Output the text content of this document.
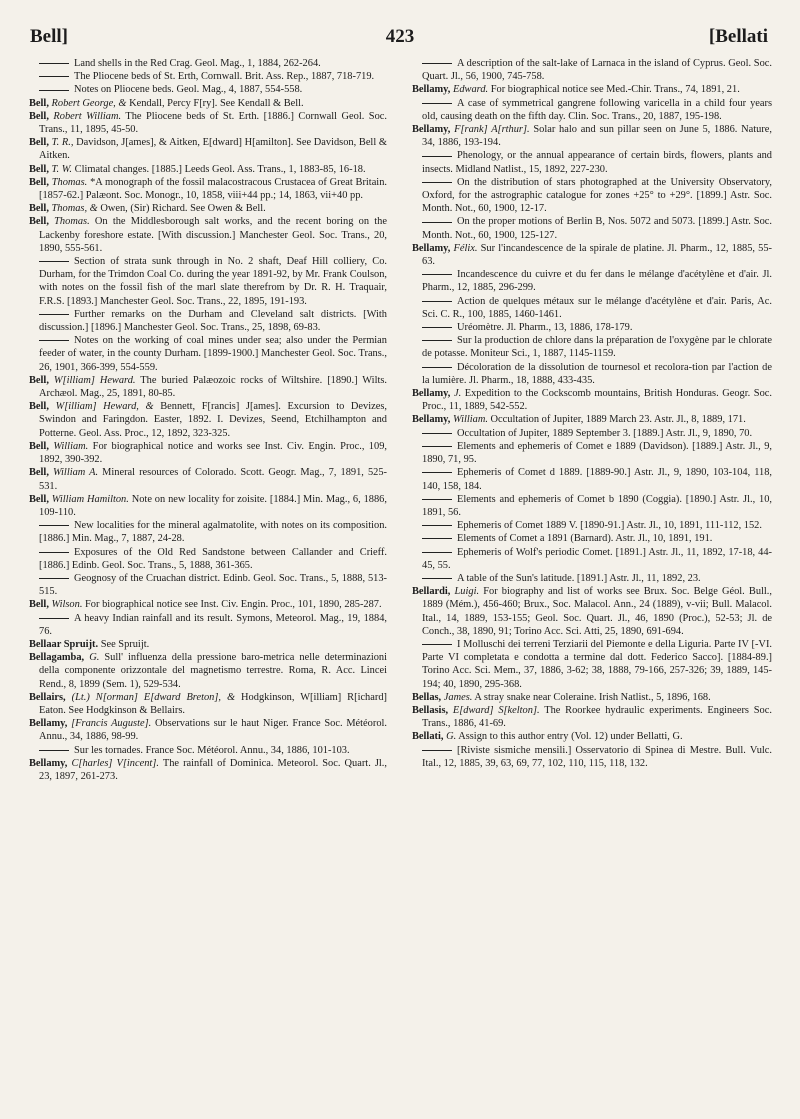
Bell]	423	[Bellati

Land shells in the Red Crag. Geol. Mag., 1, 1884, 262-264.

The Pliocene beds of St. Erth, Cornwall. Brit. Ass. Rep., 1887, 718-719.

Notes on Pliocene beds. Geol. Mag., 4, 1887, 554-558.

Bell, Robert George, & Kendall, Percy F[ry]. See Kendall & Bell.

Bell, Robert William. The Pliocene beds of St. Erth. [1886.] Cornwall Geol. Soc. Trans., 11, 1895, 45-50.

Bell, T. R., Davidson, J[ames], & Aitken, E[dward] H[amilton]. See Davidson, Bell & Aitken.

Bell, T. W. Climatal changes. [1885.] Leeds Geol. Ass. Trans., 1, 1883-85, 16-18.

Bell, Thomas. *A monograph of the fossil malacostracous Crustacea of Great Britain. [1857-62.] Palæont. Soc. Monogr., 10, 1858, viii+44 pp.; 14, 1863, vii+40 pp.

Bell, Thomas, & Owen, (Sir) Richard. See Owen & Bell.

Bell, Thomas. On the Middlesborough salt works, and the recent boring on the Lackenby foreshore estate. [With discussion.] Manchester Geol. Soc. Trans., 20, 1890, 555-561.

Section of strata sunk through in No. 2 shaft, Deaf Hill colliery, Co. Durham, for the Trimdon Coal Co. during the year 1891-92, by Mr. Frank Coulson, with notes on the fossil fish of the marl slate therefrom by Dr. R. H. Traquair, F.R.S. [1893.] Manchester Geol. Soc. Trans., 22, 1895, 191-193.

Further remarks on the Durham and Cleveland salt districts. [With discussion.] [1896.] Manchester Geol. Soc. Trans., 25, 1898, 69-83.

Notes on the working of coal mines under sea; also under the Permian feeder of water, in the county Durham. [1899-1900.] Manchester Geol. Soc. Trans., 26, 1901, 366-399, 554-559.

Bell, W[illiam] Heward. The buried Palæozoic rocks of Wiltshire. [1890.] Wilts. Archæol. Mag., 25, 1891, 80-85.

Bell, W[illiam] Heward, & Bennett, F[rancis] J[ames]. Excursion to Devizes, Swindon and Faringdon. Easter, 1892. I. Devizes, Seend, Etchilhampton and Potterne. Geol. Ass. Proc., 12, 1892, 323-325.

Bell, William. For biographical notice and works see Inst. Civ. Engin. Proc., 109, 1892, 390-392.

Bell, William A. Mineral resources of Colorado. Scott. Geogr. Mag., 7, 1891, 525-531.

Bell, William Hamilton. Note on new locality for zoisite. [1884.] Min. Mag., 6, 1886, 109-110.

New localities for the mineral agalmatolite, with notes on its composition. [1886.] Min. Mag., 7, 1887, 24-28.

Exposures of the Old Red Sandstone between Callander and Crieff. [1886.] Edinb. Geol. Soc. Trans., 5, 1888, 361-365.

Geognosy of the Cruachan district. Edinb. Geol. Soc. Trans., 5, 1888, 513-515.

Bell, Wilson. For biographical notice see Inst. Civ. Engin. Proc., 101, 1890, 285-287.

A heavy Indian rainfall and its result. Symons, Meteorol. Mag., 19, 1884, 76.

Bellaar Spruijt. See Spruijt.

Bellagamba, G. Sull' influenza della pressione baro-metrica nelle determinazioni della componente orizzontale del magnetismo terrestre. Roma, R. Acc. Lincei Rend., 8, 1899 (Sem. 1), 529-534.

Bellairs, (Lt.) N[orman] E[dward Breton], & Hodgkinson, W[illiam] R[ichard] Eaton. See Hodgkinson & Bellairs.

Bellamy, [Francis Auguste]. Observations sur le haut Niger. France Soc. Météorol. Annu., 34, 1886, 98-99.

Sur les tornades. France Soc. Météorol. Annu., 34, 1886, 101-103.

Bellamy, C[harles] V[incent]. The rainfall of Dominica. Meteorol. Soc. Quart. Jl., 23, 1897, 261-273.

A description of the salt-lake of Larnaca in the island of Cyprus. Geol. Soc. Quart. Jl., 56, 1900, 745-758.

Bellamy, Edward. For biographical notice see Med.-Chir. Trans., 74, 1891, 21.

A case of symmetrical gangrene following varicella in a child four years old, causing death on the fifth day. Clin. Soc. Trans., 20, 1887, 195-198.

Bellamy, F[rank] A[rthur]. Solar halo and sun pillar seen on June 5, 1886. Nature, 34, 1886, 193-194.

Phenology, or the annual appearance of certain birds, flowers, plants and insects. Midland Natlist., 15, 1892, 227-230.

On the distribution of stars photographed at the University Observatory, Oxford, for the astrographic catalogue for zones +25° to +29°. [1899.] Astr. Soc. Month. Not., 60, 1900, 12-17.

On the proper motions of Berlin B, Nos. 5072 and 5073. [1899.] Astr. Soc. Month. Not., 60, 1900, 125-127.

Bellamy, Félix. Sur l'incandescence de la spirale de platine. Jl. Pharm., 12, 1885, 55-63.

Incandescence du cuivre et du fer dans le mélange d'acétylène et d'air. Jl. Pharm., 12, 1885, 296-299.

Action de quelques métaux sur le mélange d'acétylène et d'air. Paris, Ac. Sci. C. R., 100, 1885, 1460-1461.

Uréomètre. Jl. Pharm., 13, 1886, 178-179.

Sur la production de chlore dans la préparation de l'oxygène par le chlorate de potasse. Moniteur Sci., 1, 1887, 1145-1159.

Décoloration de la dissolution de tournesol et recolora-tion par l'action de la lumière. Jl. Pharm., 18, 1888, 433-435.

Bellamy, J. Expedition to the Cockscomb mountains, British Honduras. Geogr. Soc. Proc., 11, 1889, 542-552.

Bellamy, William. Occultation of Jupiter, 1889 March 23. Astr. Jl., 8, 1889, 171.

Occultation of Jupiter, 1889 September 3. [1889.] Astr. Jl., 9, 1890, 70.

Elements and ephemeris of Comet e 1889 (Davidson). [1889.] Astr. Jl., 9, 1890, 71, 95.

Ephemeris of Comet d 1889. [1889-90.] Astr. Jl., 9, 1890, 103-104, 118, 140, 158, 184.

Elements and ephemeris of Comet b 1890 (Coggia). [1890.] Astr. Jl., 10, 1891, 56.

Ephemeris of Comet 1889 V. [1890-91.] Astr. Jl., 10, 1891, 111-112, 152.

Elements of Comet a 1891 (Barnard). Astr. Jl., 10, 1891, 191.

Ephemeris of Wolf's periodic Comet. [1891.] Astr. Jl., 11, 1892, 17-18, 44-45, 55.

A table of the Sun's latitude. [1891.] Astr. Jl., 11, 1892, 23.

Bellardi, Luigi. For biography and list of works see Brux. Soc. Belge Géol. Bull., 1889 (Mém.), 456-460; Brux., Soc. Malacol. Ann., 24 (1889), v-vii; Bull. Malacol. Ital., 14, 1889, 153-155; Geol. Soc. Quart. Jl., 46, 1890 (Proc.), 52-53; Jl. de Conch., 38, 1890, 91; Torino Acc. Sci. Atti, 25, 1890, 691-694.

I Molluschi dei terreni Terziarii del Piemonte e della Liguria. Parte IV [-VI. Parte VI completata e condotta a termine dal dott. Federico Sacco]. [1884-89.] Torino Acc. Sci. Mem., 37, 1886, 3-62; 38, 1888, 79-166, 257-326; 39, 1889, 145-194; 40, 1890, 295-368.

Bellas, James. A stray snake near Coleraine. Irish Natlist., 5, 1896, 168.

Bellasis, E[dward] S[kelton]. The Roorkee hydraulic experiments. Engineers Soc. Trans., 1886, 41-69.

Bellati, G. Assign to this author entry (Vol. 12) under Bellatti, G.

[Riviste sismiche mensili.] Osservatorio di Spinea di Mestre. Bull. Vulc. Ital., 12, 1885, 39, 63, 69, 77, 102, 110, 115, 118, 132.
